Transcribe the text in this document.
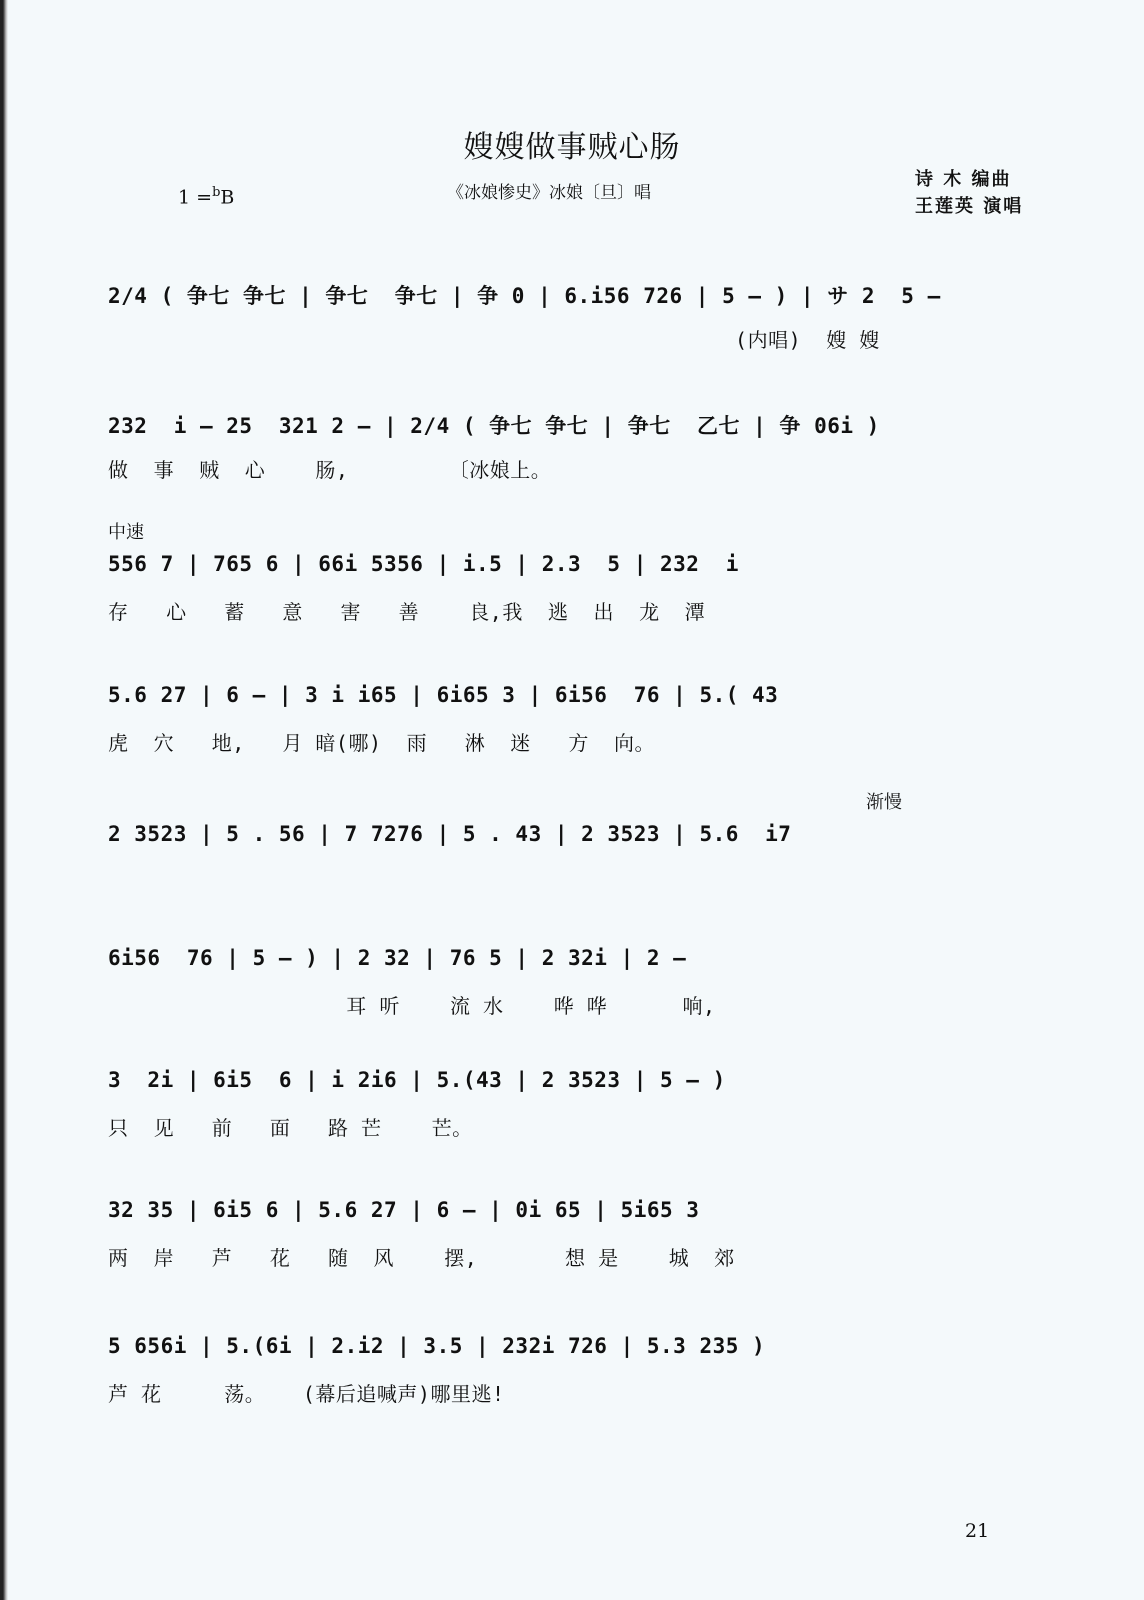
嫂嫂做事贼心肠
1 =$^b$B	《冰娘惨史》冰娘〔旦〕唱
诗 木 编曲
王莲英 演唱
中速
渐慢
2/4 ( 争七 争七 | 争七  争七 | 争 0 | 6.i56 726 | 5 — ) | サ 2  5 —
(内唱)  嫂 嫂
232  i — 25  321 2 — | 2/4 ( 争七 争七 | 争七  乙七 | 争 06i )
做  事  贼  心    肠,        〔冰娘上。
556 7 | 765 6 | 66i 5356 | i.5 | 2.3  5 | 232  i
存   心   蓄   意   害   善    良,我  逃  出  龙  潭
5.6 27 | 6 — | 3 i i65 | 6i65 3 | 6i56  76 | 5.( 43
虎  穴   地,   月 暗(哪)  雨   淋  迷   方  向。
2 3523 | 5 . 56 | 7 7276 | 5 . 43 | 2 3523 | 5.6  i7
6i56  76 | 5 — ) | 2 32 | 76 5 | 2 32i | 2 —
耳 听    流 水    哗 哗      响,
3  2i | 6i5  6 | i 2i6 | 5.(43 | 2 3523 | 5 — )
只  见   前   面   路 芒    芒。
32 35 | 6i5 6 | 5.6 27 | 6 — | 0i 65 | 5i65 3
两  岸   芦   花   随  风    摆,       想 是    城  郊
5 656i | 5.(6i | 2.i2 | 3.5 | 232i 726 | 5.3 235 )
芦 花     荡。   (幕后追喊声)哪里逃!
21
